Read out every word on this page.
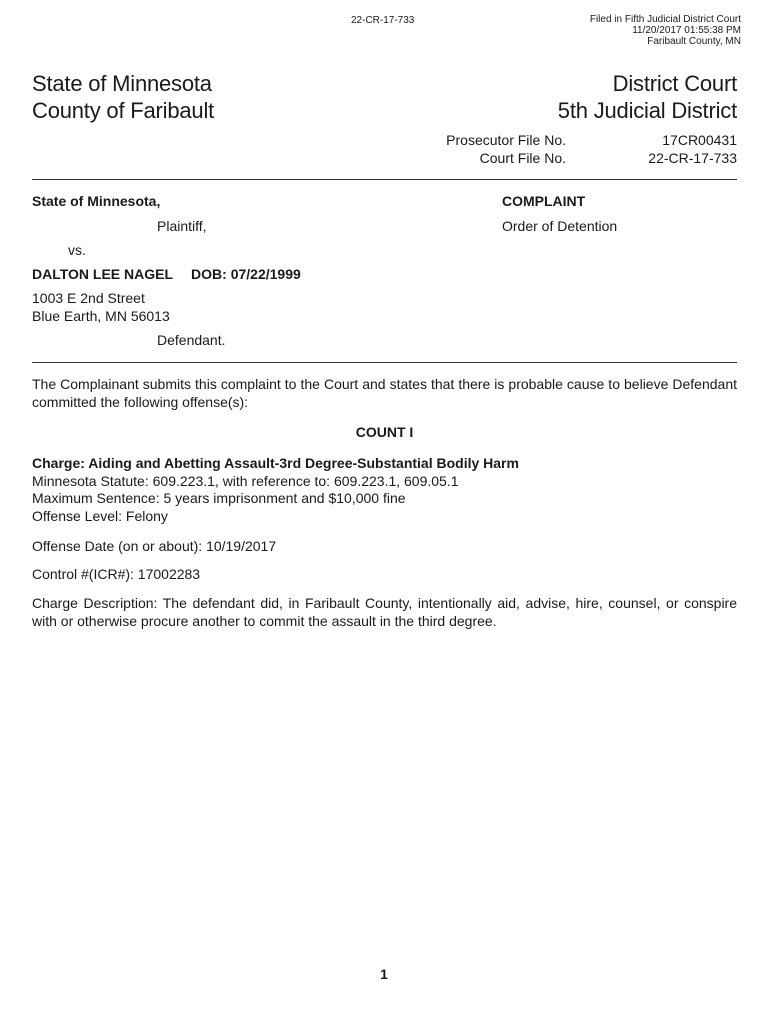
22-CR-17-733	Filed in Fifth Judicial District Court
11/20/2017 01:55:38 PM
Faribault County, MN
State of Minnesota
County of Faribault
District Court
5th Judicial District
Prosecutor File No.	17CR00431
Court File No.	22-CR-17-733
State of Minnesota,
Plaintiff,
vs.
DALTON LEE NAGEL DOB: 07/22/1999
1003 E 2nd Street
Blue Earth, MN 56013
Defendant.
COMPLAINT
Order of Detention
The Complainant submits this complaint to the Court and states that there is probable cause to believe Defendant committed the following offense(s):
COUNT I
Charge: Aiding and Abetting Assault-3rd Degree-Substantial Bodily Harm
Minnesota Statute: 609.223.1, with reference to: 609.223.1, 609.05.1
Maximum Sentence: 5 years imprisonment and $10,000 fine
Offense Level: Felony
Offense Date (on or about): 10/19/2017
Control #(ICR#): 17002283
Charge Description: The defendant did, in Faribault County, intentionally aid, advise, hire, counsel, or conspire with or otherwise procure another to commit the assault in the third degree.
1
